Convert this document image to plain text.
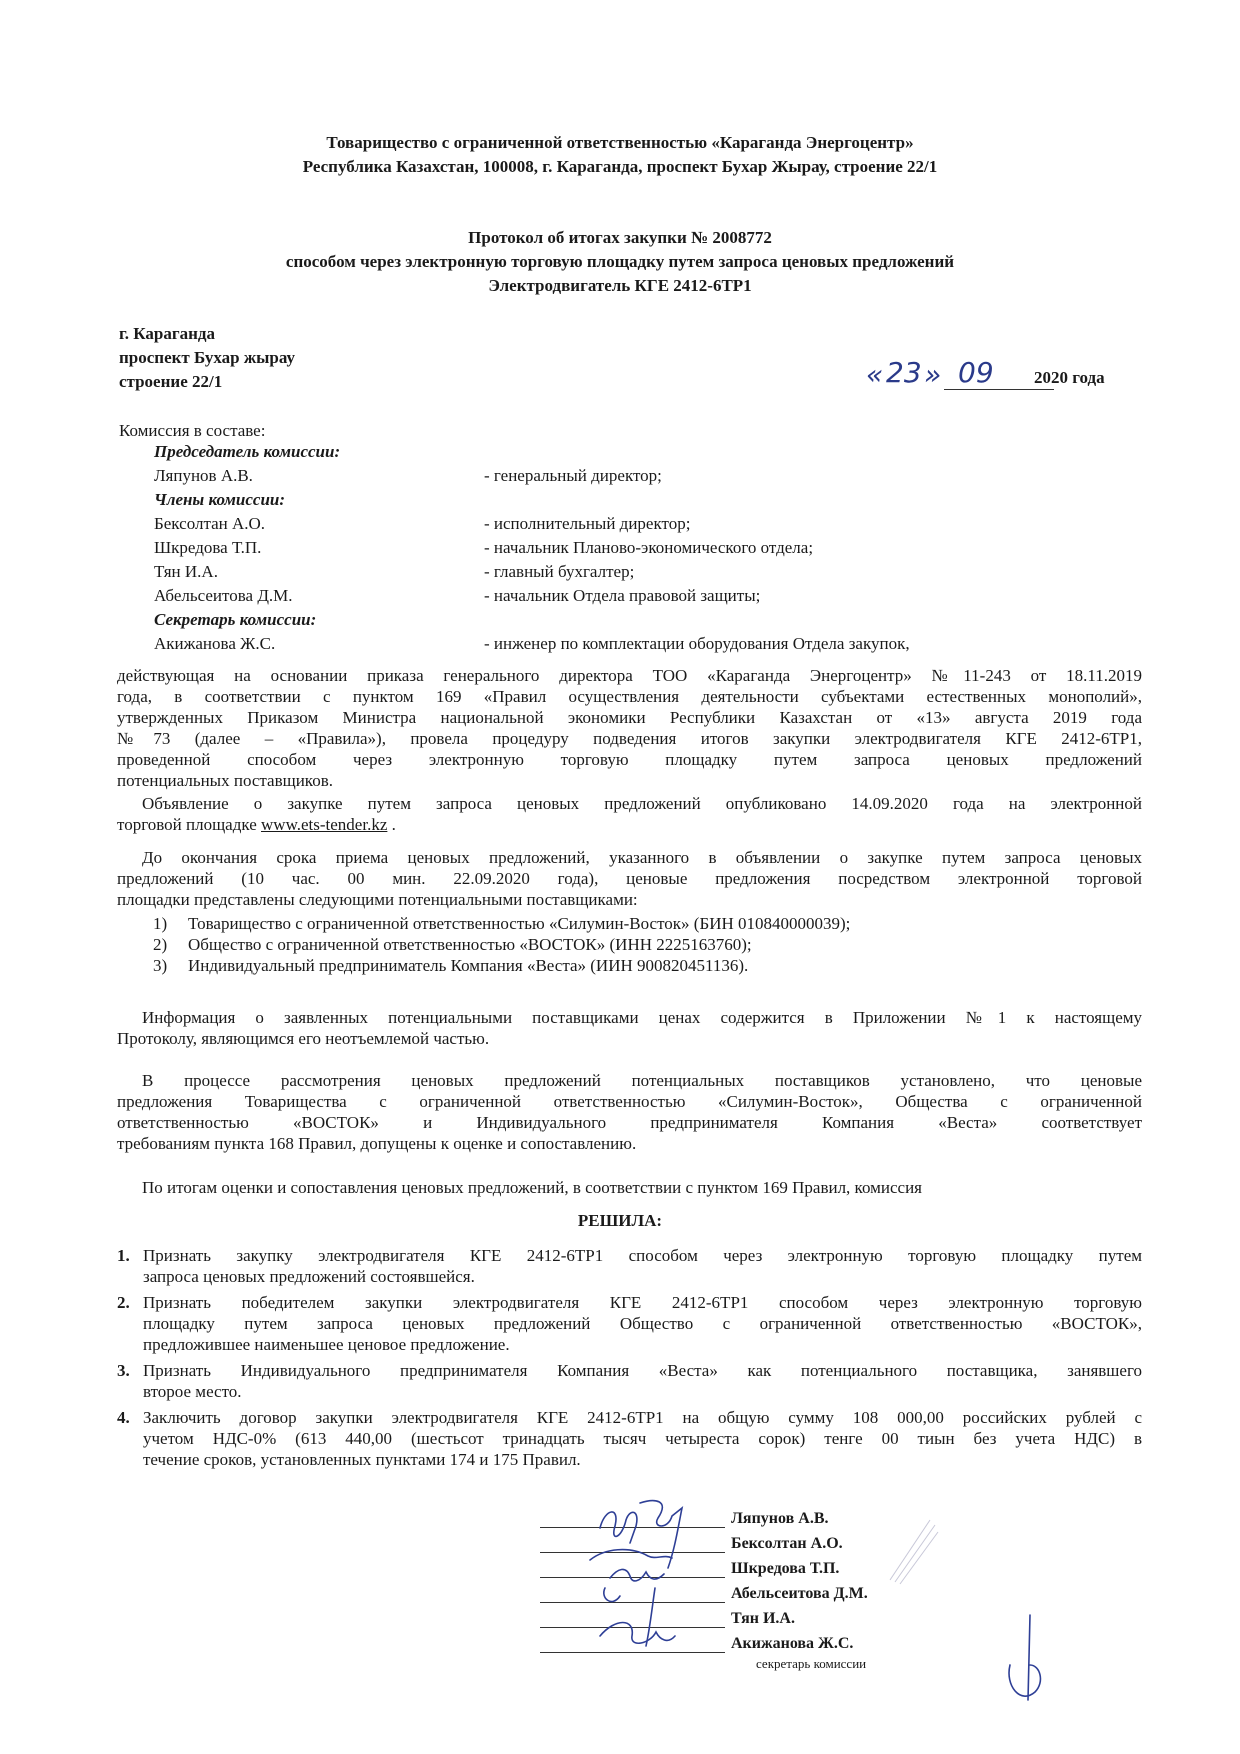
Товарищество с ограниченной ответственностью «Караганда Энергоцентр»
Республика Казахстан, 100008, г. Караганда, проспект Бухар Жырау, строение 22/1
Протокол об итогах закупки № 2008772
способом через электронную торговую площадку путем запроса ценовых предложений
Электродвигатель КГЕ 2412-6ТР1
г. Караганда
проспект Бухар жырау
строение 22/1	« 23 » 09 2020 года
Комиссия в составе:
Председатель комиссии:
Ляпунов А.В.	- генеральный директор;
Члены комиссии:
Бексолтан А.О.	- исполнительный директор;
Шкредова Т.П.	- начальник Планово-экономического отдела;
Тян И.А.	- главный бухгалтер;
Абельсеитова Д.М.	- начальник Отдела правовой защиты;
Секретарь комиссии:
Акижанова Ж.С.	- инженер по комплектации оборудования Отдела закупок,
действующая на основании приказа генерального директора ТОО «Караганда Энергоцентр» №11-243 от 18.11.2019
года, в соответствии с пунктом 169 «Правил осуществления деятельности субъектами естественных монополий»,
утвержденных Приказом Министра национальной экономики Республики Казахстан от «13» августа 2019 года
№73 (далее – «Правила»), провела процедуру подведения итогов закупки электродвигателя КГЕ 2412-6ТР1,
проведенной способом через электронную торговую площадку путем запроса ценовых предложений
потенциальных поставщиков.
Объявление о закупке путем запроса ценовых предложений опубликовано 14.09.2020 года на электронной
торговой площадке www.ets-tender.kz .
До окончания срока приема ценовых предложений, указанного в объявлении о закупке путем запроса ценовых
предложений (10 час. 00 мин. 22.09.2020 года), ценовые предложения посредством электронной торговой
площадки представлены следующими потенциальными поставщиками:
1) Товарищество с ограниченной ответственностью «Силумин-Восток» (БИН 010840000039);
2) Общество с ограниченной ответственностью «ВОСТОК» (ИНН 2225163760);
3) Индивидуальный предприниматель Компания «Веста» (ИИН 900820451136).
Информация о заявленных потенциальными поставщиками ценах содержится в Приложении №1 к настоящему
Протоколу, являющимся его неотъемлемой частью.
В процессе рассмотрения ценовых предложений потенциальных поставщиков установлено, что ценовые
предложения Товарищества с ограниченной ответственностью «Силумин-Восток», Общества с ограниченной
ответственностью «ВОСТОК» и Индивидуального предпринимателя Компания «Веста» соответствует
требованиям пункта 168 Правил, допущены к оценке и сопоставлению.
По итогам оценки и сопоставления ценовых предложений, в соответствии с пунктом 169 Правил, комиссия
РЕШИЛА:
1. Признать закупку электродвигателя КГЕ 2412-6ТР1 способом через электронную торговую площадку путем
запроса ценовых предложений состоявшейся.
2. Признать победителем закупки электродвигателя КГЕ 2412-6ТР1 способом через электронную торговую
площадку путем запроса ценовых предложений Общество с ограниченной ответственностью «ВОСТОК»,
предложившее наименьшее ценовое предложение.
3. Признать Индивидуального предпринимателя Компания «Веста» как потенциального поставщика, занявшего
второе место.
4. Заключить договор закупки электродвигателя КГЕ 2412-6ТР1 на общую сумму 108 000,00 российских рублей с
учетом НДС-0% (613 440,00 (шестьсот тринадцать тысяч четыреста сорок) тенге 00 тиын без учета НДС) в
течение сроков, установленных пунктами 174 и 175 Правил.
Ляпунов А.В.
Бексолтан А.О.
Шкредова Т.П.
Абельсеитова Д.М.
Тян И.А.
Акижанова Ж.С.
секретарь комиссии
